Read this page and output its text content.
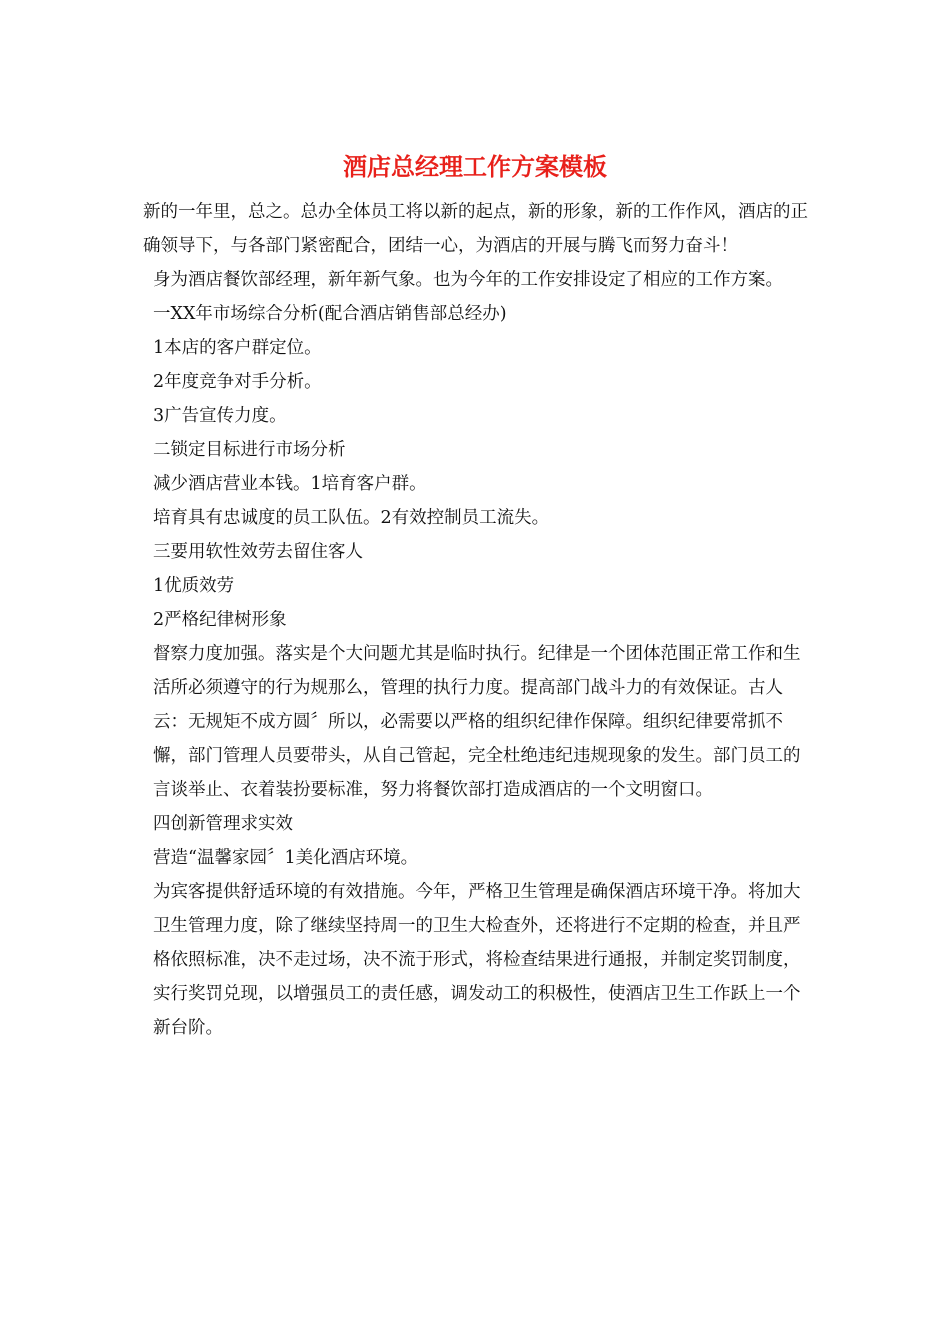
酒店总经理工作方案模板

新的一年里，总之。总办全体员工将以新的起点，新的形象，新的工作作风，酒店的正确领导下，与各部门紧密配合，团结一心，为酒店的开展与腾飞而努力奋斗！

身为酒店餐饮部经理，新年新气象。也为今年的工作安排设定了相应的工作方案。

一XX年市场综合分析(配合酒店销售部总经办)

1本店的客户群定位。

2年度竞争对手分析。

3广告宣传力度。

二锁定目标进行市场分析

减少酒店营业本钱。1培育客户群。

培育具有忠诚度的员工队伍。2有效控制员工流失。

三要用软性效劳去留住客人

1优质效劳

2严格纪律树形象

督察力度加强。落实是个大问题尤其是临时执行。纪律是一个团体范围正常工作和生活所必须遵守的行为规那么，管理的执行力度。提高部门战斗力的有效保证。古人云：无规矩不成方圆〞所以，必需要以严格的组织纪律作保障。组织纪律要常抓不懈，部门管理人员要带头，从自己管起，完全杜绝违纪违规现象的发生。部门员工的言谈举止、衣着装扮要标准，努力将餐饮部打造成酒店的一个文明窗口。

四创新管理求实效

营造“温馨家园〞1美化酒店环境。

为宾客提供舒适环境的有效措施。今年，严格卫生管理是确保酒店环境干净。将加大卫生管理力度，除了继续坚持周一的卫生大检查外，还将进行不定期的检查，并且严格依照标准，决不走过场，决不流于形式，将检查结果进行通报，并制定奖罚制度，实行奖罚兑现，以增强员工的责任感，调发动工的积极性，使酒店卫生工作跃上一个新台阶。
